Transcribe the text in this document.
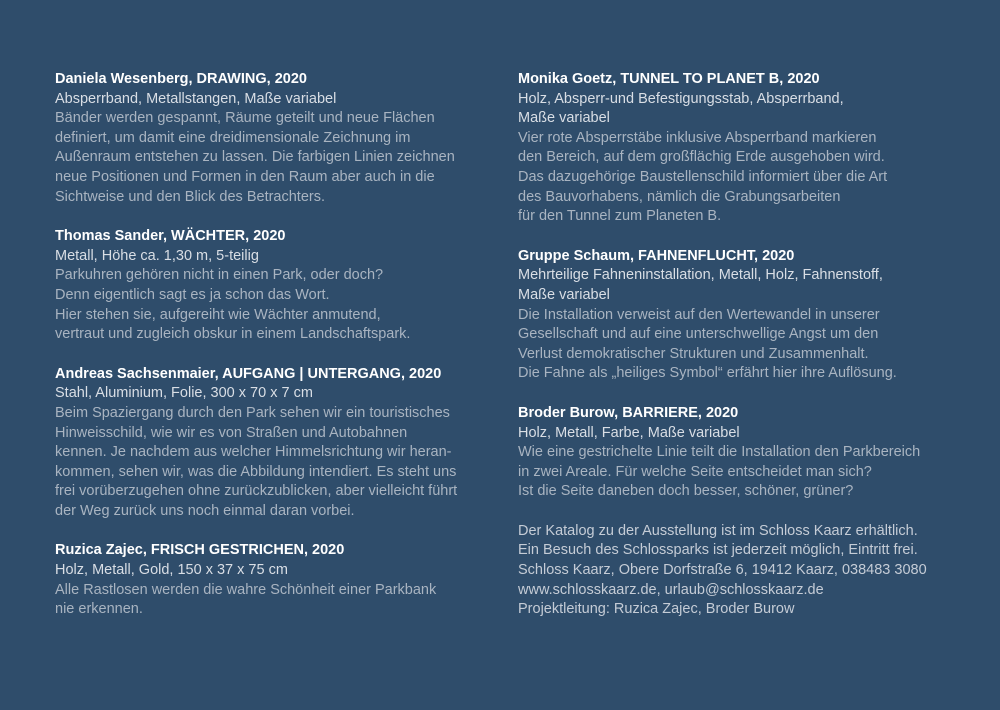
Daniela Wesenberg, DRAWING, 2020
Absperrband, Metallstangen, Maße variabel
Bänder werden gespannt, Räume geteilt und neue Flächen
definiert, um damit eine dreidimensionale Zeichnung im
Außenraum entstehen zu lassen. Die farbigen Linien zeichnen
neue Positionen und Formen in den Raum aber auch in die
Sichtweise und den Blick des Betrachters.
Thomas Sander, WÄCHTER, 2020
Metall, Höhe ca. 1,30 m, 5-teilig
Parkuhren gehören nicht in einen Park, oder doch?
Denn eigentlich sagt es ja schon das Wort.
Hier stehen sie, aufgereiht wie Wächter anmutend,
vertraut und zugleich obskur in einem Landschaftspark.
Andreas Sachsenmaier, AUFGANG | UNTERGANG, 2020
Stahl, Aluminium, Folie, 300 x 70 x 7 cm
Beim Spaziergang durch den Park sehen wir ein touristisches
Hinweisschild, wie wir es von Straßen und Autobahnen
kennen. Je nachdem aus welcher Himmelsrichtung wir heran-
kommen, sehen wir, was die Abbildung intendiert. Es steht uns
frei vorüberzugehen ohne zurückzublicken, aber vielleicht führt
der Weg zurück uns noch einmal daran vorbei.
Ruzica Zajec, FRISCH GESTRICHEN, 2020
Holz, Metall, Gold, 150 x 37 x 75 cm
Alle Rastlosen werden die wahre Schönheit einer Parkbank
nie erkennen.
Monika Goetz, TUNNEL TO PLANET B, 2020
Holz, Absperr-und Befestigungsstab, Absperrband,
Maße variabel
Vier rote Absperrstäbe inklusive Absperrband markieren
den Bereich, auf dem großflächig Erde ausgehoben wird.
Das dazugehörige Baustellenschild informiert über die Art
des Bauvorhabens, nämlich die Grabungsarbeiten
für den Tunnel zum Planeten B.
Gruppe Schaum, FAHNENFLUCHT, 2020
Mehrteilige Fahneninstallation, Metall, Holz, Fahnenstoff,
Maße variabel
Die Installation verweist auf den Wertewandel in unserer
Gesellschaft und auf eine unterschwellige Angst um den
Verlust demokratischer Strukturen und Zusammenhalt.
Die Fahne als „heiliges Symbol“ erfährt hier ihre Auflösung.
Broder Burow, BARRIERE, 2020
Holz, Metall, Farbe, Maße variabel
Wie eine gestrichelte Linie teilt die Installation den Parkbereich
in zwei Areale. Für welche Seite entscheidet man sich?
Ist die Seite daneben doch besser, schöner, grüner?
Der Katalog zu der Ausstellung ist im Schloss Kaarz erhältlich.
Ein Besuch des Schlossparks ist jederzeit möglich, Eintritt frei.
Schloss Kaarz, Obere Dorfstraße 6, 19412 Kaarz, 038483 3080
www.schlosskaarz.de, urlaub@schlosskaarz.de
Projektleitung: Ruzica Zajec, Broder Burow
